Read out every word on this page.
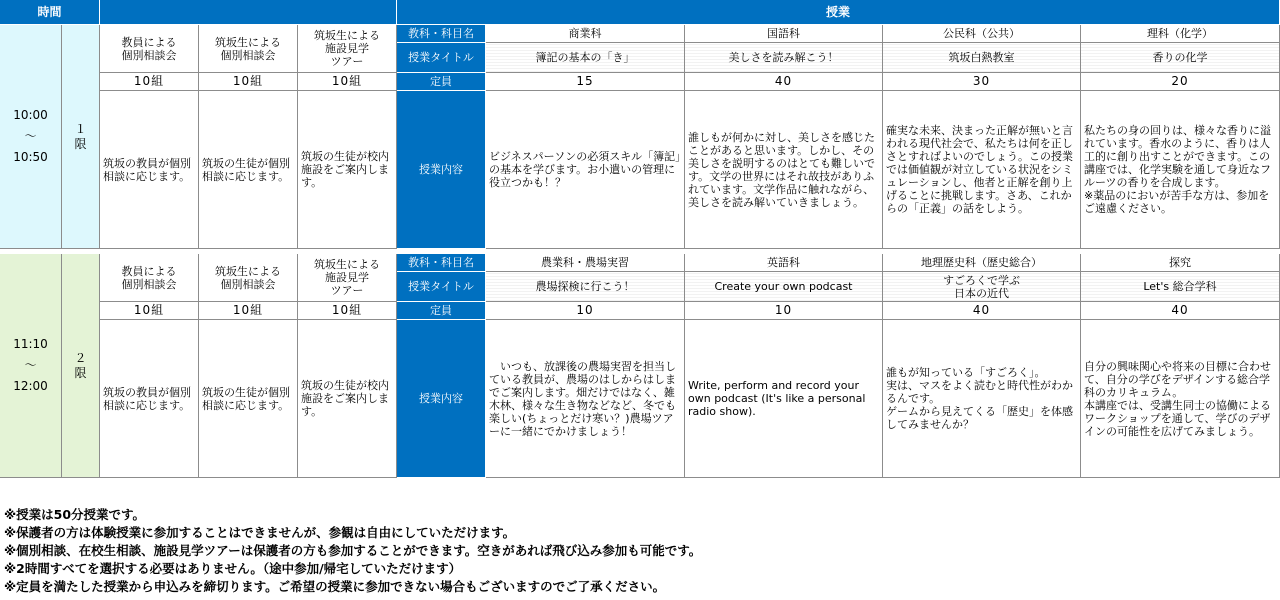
時間	授業
10:00
～
10:50
１
限
教員による
個別相談会
10組
筑坂の教員が個別相談に応じます。
筑坂生による
個別相談会
10組
筑坂の生徒が個別相談に応じます。
筑坂生による
施設見学
ツアー
10組
筑坂の生徒が校内施設をご案内します。
教科・科目名
授業タイトル
定員
授業内容
商業科
簿記の基本の「き」
15
ビジネスパーソンの必須スキル「簿記」の基本を学びます。お小遣いの管理に役立つかも！？
国語科
美しさを読み解こう！
40
誰しもが何かに対し、美しさを感じたことがあると思います。しかし、その美しさを説明するのはとても難しいです。文学の世界にはそれ故技がありふれています。文学作品に触れながら、美しさを読み解いていきましょう。
公民科（公共）
筑坂白熱教室
30
確実な未来、決まった正解が無いと言われる現代社会で、私たちは何を正しさとすればよいのでしょう。この授業では価値観が対立している状況をシミュレーションし、他者と正解を創り上げることに挑戦します。さあ、これからの「正義」の話をしよう。
理科（化学）
香りの化学
20
私たちの身の回りは、様々な香りに溢れています。香水のように、香りは人工的に創り出すことができます。この講座では、化学実験を通して身近なフルーツの香りを合成します。
※薬品のにおいが苦手な方は、参加をご遠慮ください。
11:10
～
12:00
２
限
教員による
個別相談会
10組
筑坂の教員が個別相談に応じます。
筑坂生による
個別相談会
10組
筑坂の生徒が個別相談に応じます。
筑坂生による
施設見学
ツアー
10組
筑坂の生徒が校内施設をご案内します。
教科・科目名
授業タイトル
定員
授業内容
農業科・農場実習
農場探検に行こう！
10
　いつも、放課後の農場実習を担当している教員が、農場のはしからはしまでご案内します。畑だけではなく、雑木林、様々な生き物などなど、冬でも楽しい(ちょっとだけ寒い？)農場ツアーに一緒にでかけましょう！
英語科
Create your own podcast
10
Write, perform and record your own podcast (It's like a personal radio show).
地理歴史科（歴史総合）
すごろくで学ぶ
日本の近代
40
誰もが知っている「すごろく」。
実は、マスをよく読むと時代性がわかるんです。
ゲームから見えてくる「歴史」を体感してみませんか？
探究
Let's 総合学科
40
自分の興味関心や将来の目標に合わせて、自分の学びをデザインする総合学科のカリキュラム。
本講座では、受講生同士の協働によるワークショップを通して、学びのデザインの可能性を広げてみましょう。
※授業は50分授業です。
※保護者の方は体験授業に参加することはできませんが、参観は自由にしていただけます。
※個別相談、在校生相談、施設見学ツアーは保護者の方も参加することができます。空きがあれば飛び込み参加も可能です。
※2時間すべてを選択する必要はありません。（途中参加/帰宅していただけます）
※定員を満たした授業から申込みを締切ります。ご希望の授業に参加できない場合もございますのでご了承ください。
